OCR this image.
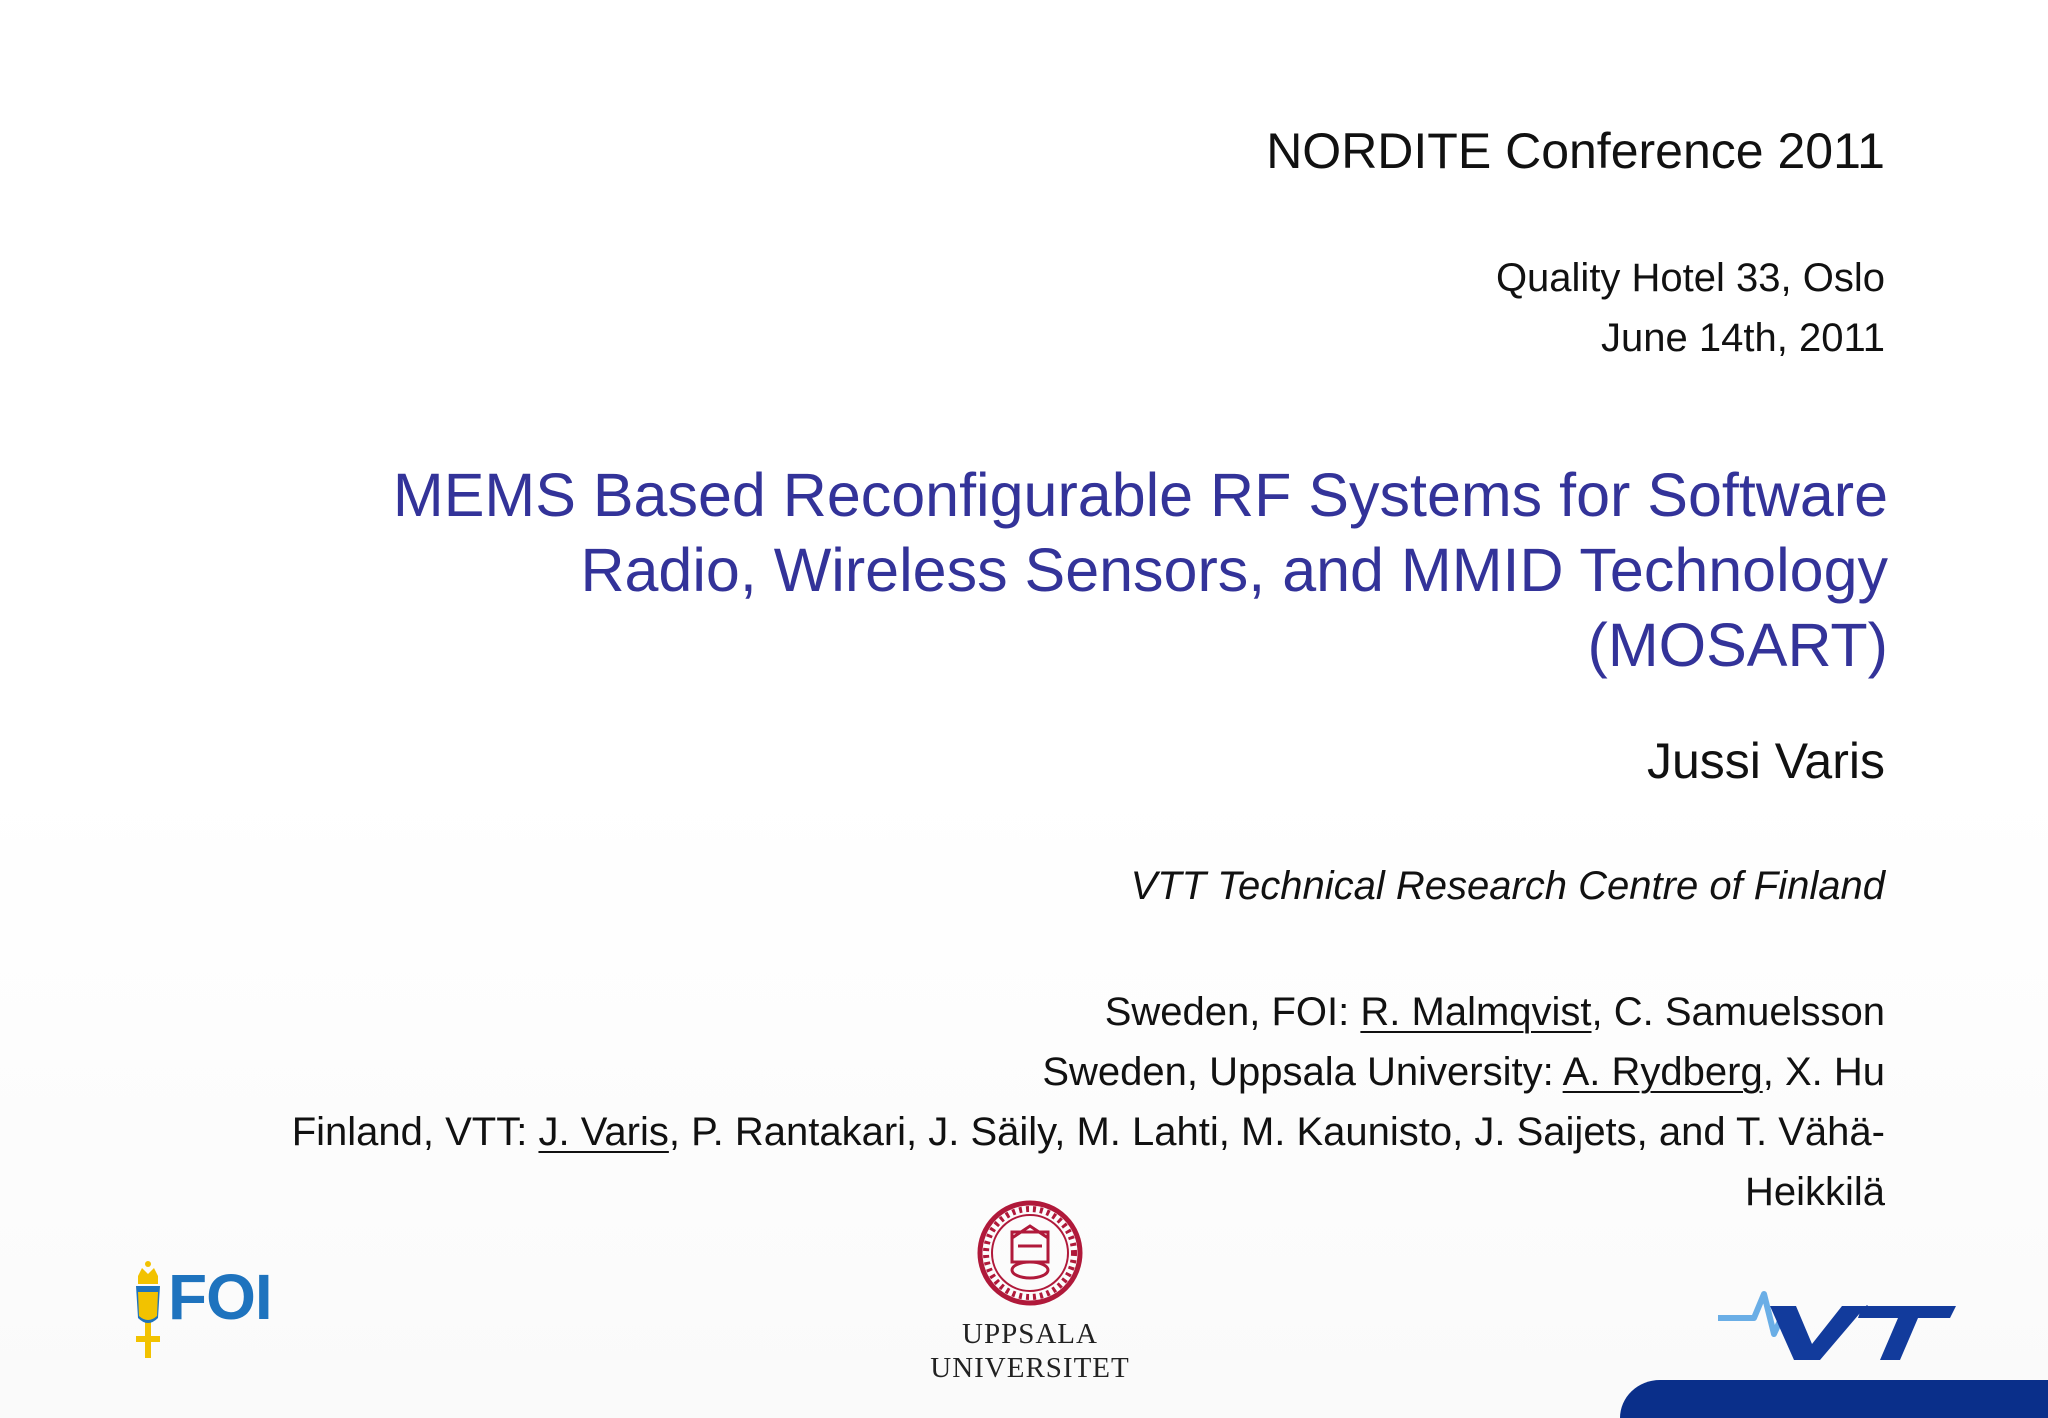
NORDITE Conference 2011
Quality Hotel 33, Oslo
June 14th, 2011
MEMS Based Reconfigurable RF Systems for Software
Radio, Wireless Sensors, and MMID Technology
(MOSART)
Jussi Varis
VTT Technical Research Centre of Finland
Sweden, FOI: R. Malmqvist, C. Samuelsson
Sweden, Uppsala University: A. Rydberg, X. Hu
Finland, VTT: J. Varis, P. Rantakari, J. Säily, M. Lahti, M. Kaunisto, J. Saijets, and T. Vähä-
Heikkilä
FOI
UPPSALA
UNIVERSITET
